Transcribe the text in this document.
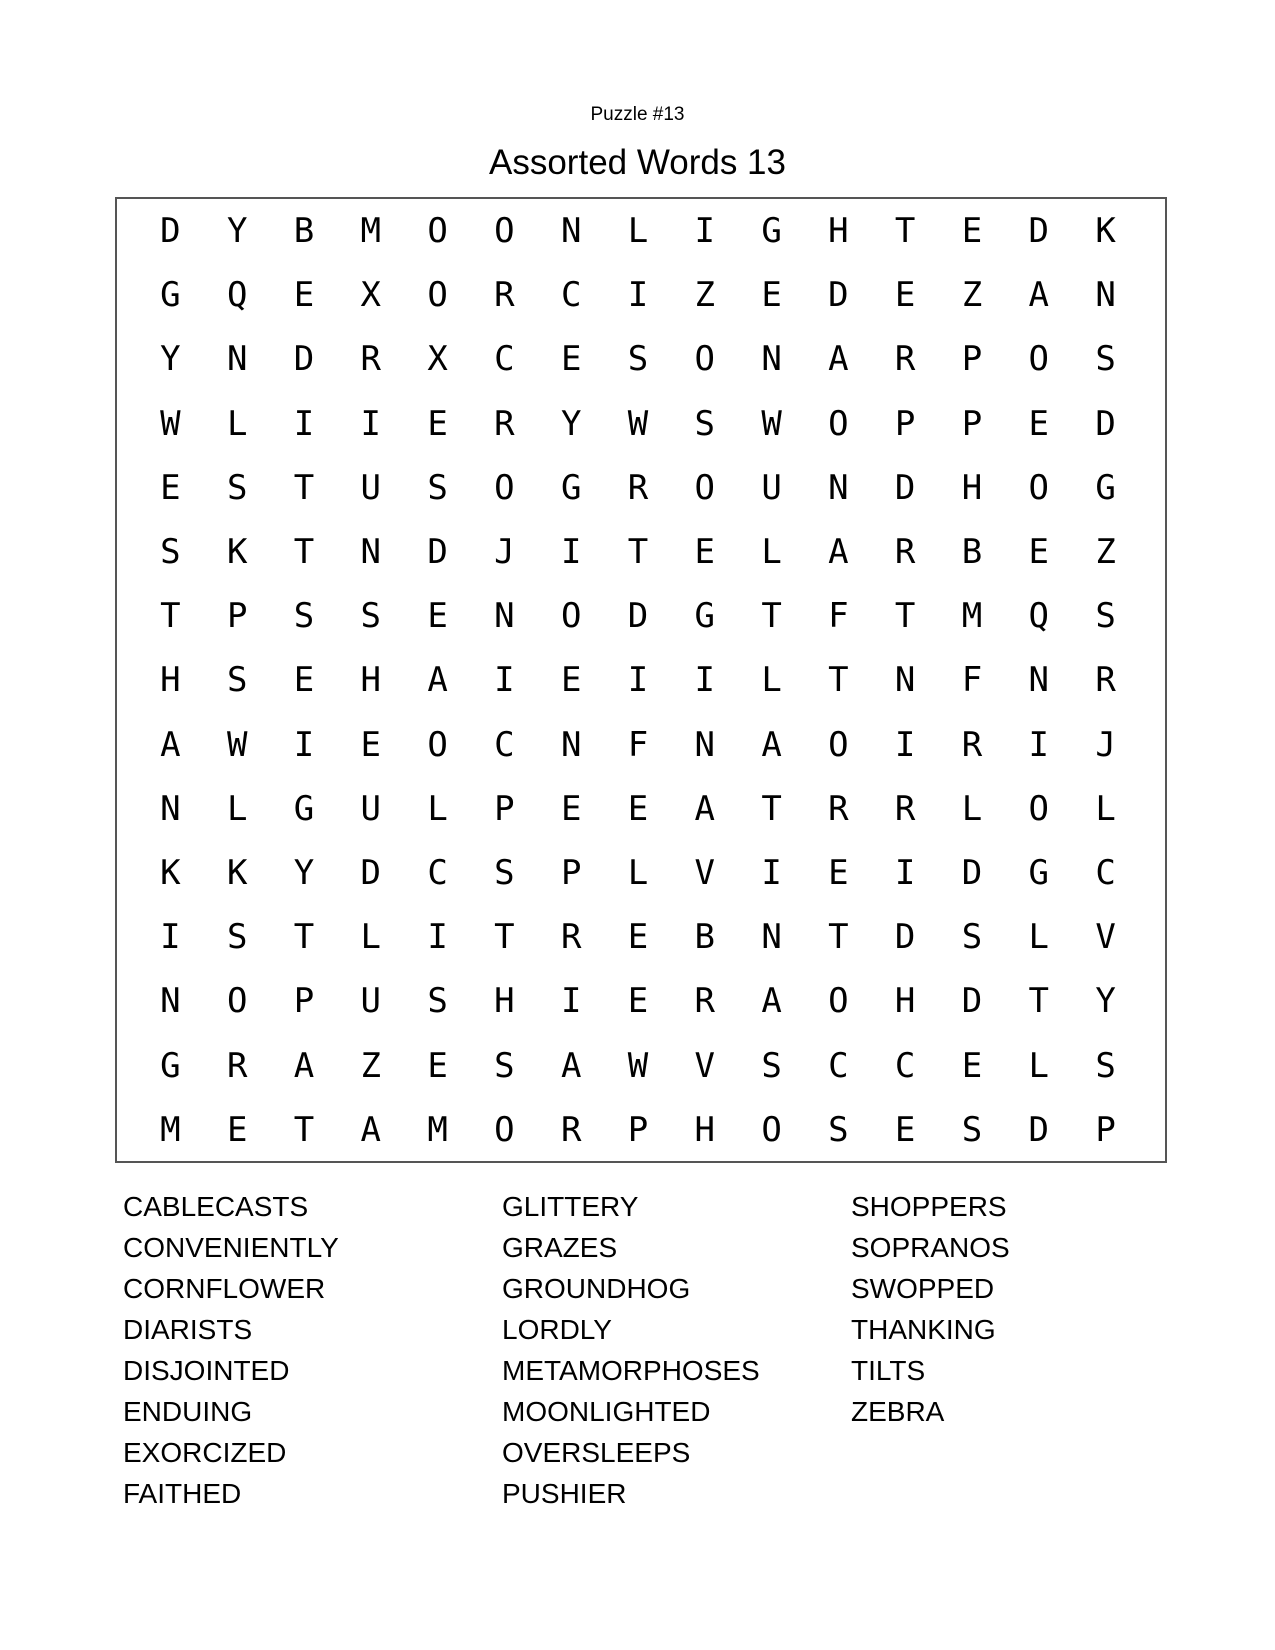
Puzzle #13
Assorted Words 13
D	Y	B	M	O	O	N	L	I	G	H	T	E	D	K
G	Q	E	X	O	R	C	I	Z	E	D	E	Z	A	N
Y	N	D	R	X	C	E	S	O	N	A	R	P	O	S
W	L	I	I	E	R	Y	W	S	W	O	P	P	E	D
E	S	T	U	S	O	G	R	O	U	N	D	H	O	G
S	K	T	N	D	J	I	T	E	L	A	R	B	E	Z
T	P	S	S	E	N	O	D	G	T	F	T	M	Q	S
H	S	E	H	A	I	E	I	I	L	T	N	F	N	R
A	W	I	E	O	C	N	F	N	A	O	I	R	I	J
N	L	G	U	L	P	E	E	A	T	R	R	L	O	L
K	K	Y	D	C	S	P	L	V	I	E	I	D	G	C
I	S	T	L	I	T	R	E	B	N	T	D	S	L	V
N	O	P	U	S	H	I	E	R	A	O	H	D	T	Y
G	R	A	Z	E	S	A	W	V	S	C	C	E	L	S
M	E	T	A	M	O	R	P	H	O	S	E	S	D	P
CABLECASTS
CONVENIENTLY
CORNFLOWER
DIARISTS
DISJOINTED
ENDUING
EXORCIZED
FAITHED
GLITTERY
GRAZES
GROUNDHOG
LORDLY
METAMORPHOSES
MOONLIGHTED
OVERSLEEPS
PUSHIER
SHOPPERS
SOPRANOS
SWOPPED
THANKING
TILTS
ZEBRA
